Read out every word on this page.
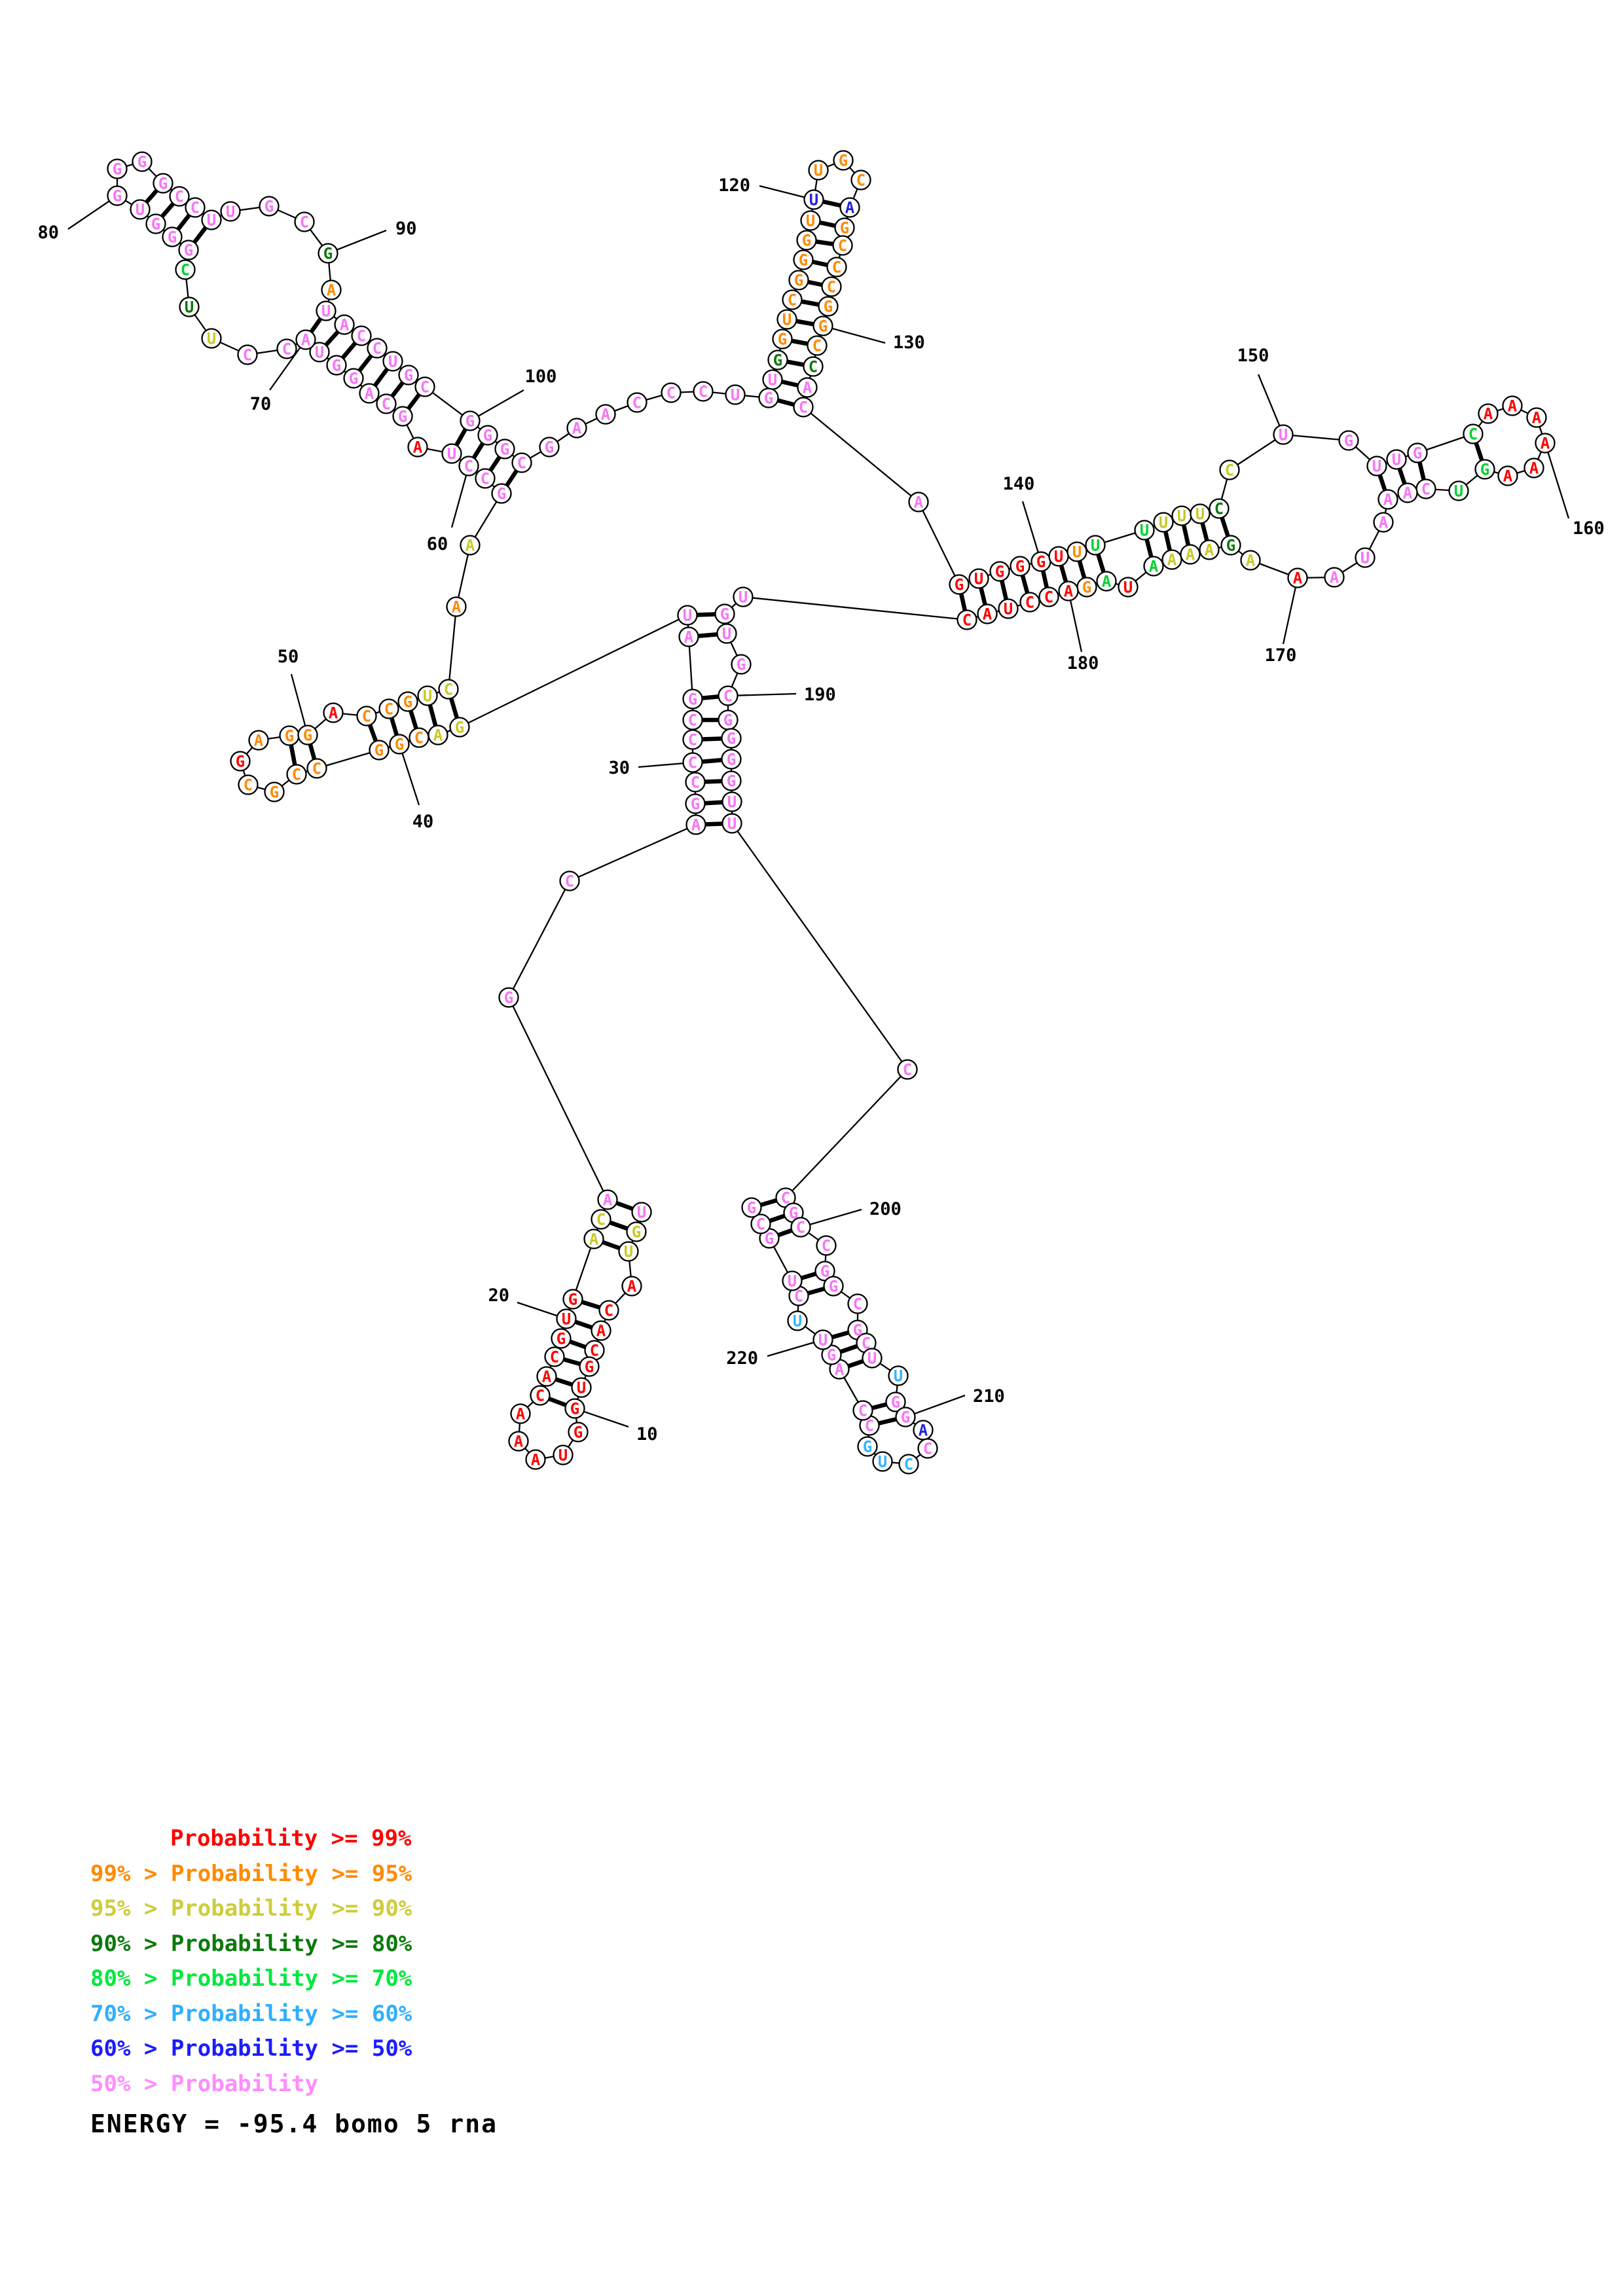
U
G
U
A
C
A
C
G
U
G
G
U
A
A
A
C
A
C
G
U
G
A
C
A
G
C
A
G
C
C
C
C
G
A
U
G
A
C
G
G
C
C
G
C
G
A G G
A C C G U C
A
A
G
C
C
U
A
G
C
A
G
G
U
A
C
C
U
U
C
G
G
G
U
G
G G
G
C
C
U U G
C
G
A
U
A
C
C
U
G
C
G
G
G
C
G
A
A
C
C C U G
U
G
G
U
C
G
G
G
U
U
U
G
C
A
G
C
C
C
G
G
C
C
A
C
G U G G G U U U
U U U U C
C
U	G
U U G
C
A A
A
A
A
A
G
U
C
A
A
A
U
A
A
A
G
A
A
A
A
U
A
G
A
C
C
U
A
C
U
G
U
G
C
G
G
G
G
U
U
C
C
G
C
C
G
G
C
G
C
U
U
G
G
A
C
C
U
G
C
C
A
G
U
U
C
U
G
C
G
A
10
20
30
40
50
60
70
80	90
100
120
130
140
150
160
170
180
190
200
210
220
Probability >= 99%
99% > Probability >= 95%
95% > Probability >= 90%
90% > Probability >= 80%
80% > Probability >= 70%
70% > Probability >= 60%
60% > Probability >= 50%
50% > Probability
ENERGY = -95.4 bomo 5 rna
